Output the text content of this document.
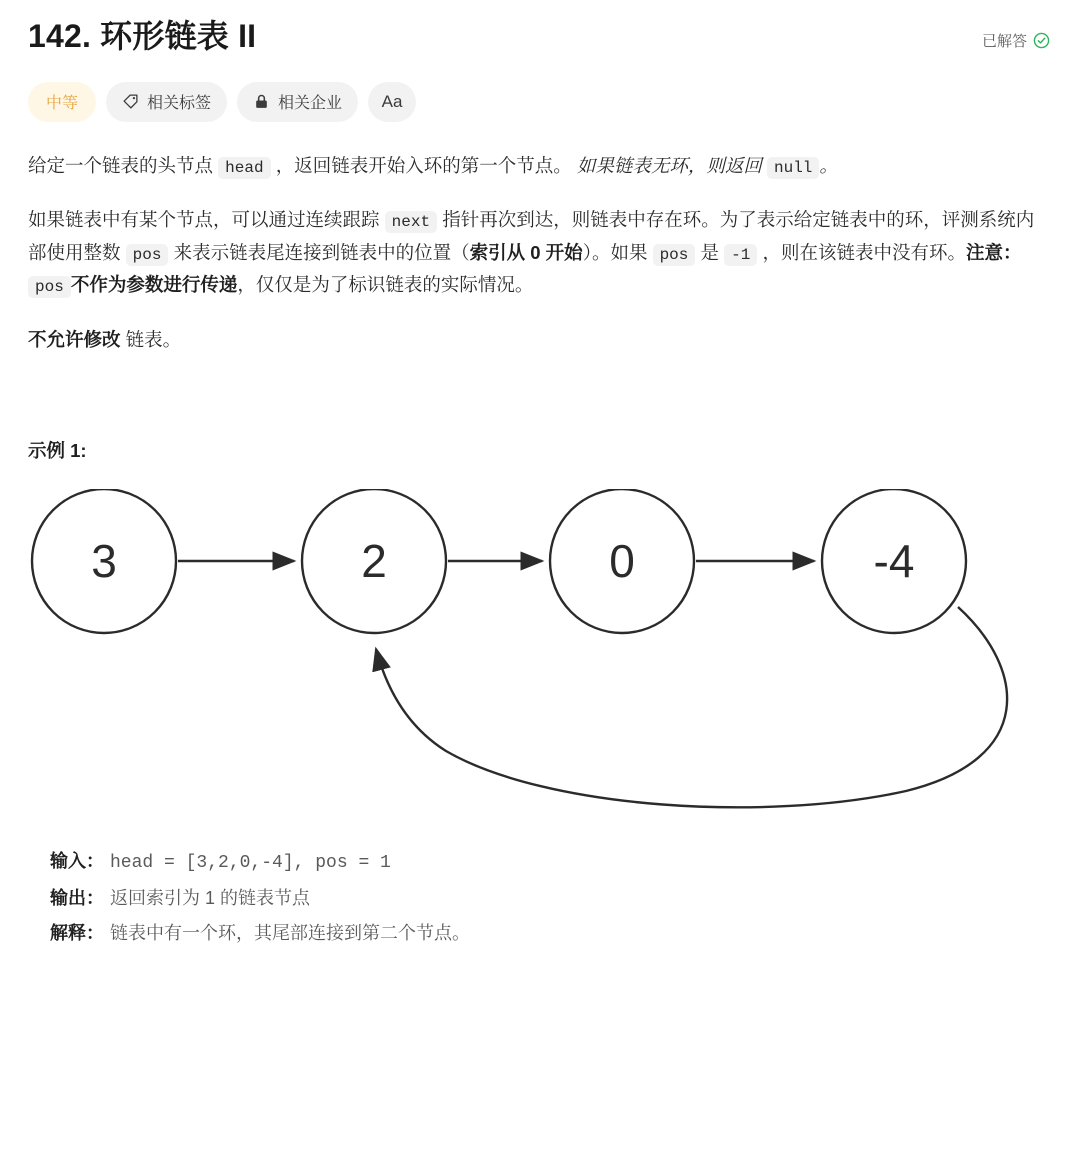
142. 环形链表 II	已解答
中等	相关标签	相关企业 Aa

给定一个链表的头节点 head ，返回链表开始入环的第一个节点。 如果链表无环，则返回 null 。

如果链表中有某个节点，可以通过连续跟踪 next 指针再次到达，则链表中存在环。为了表示给定链表中的环，评测系统内部使用整数 pos 来表示链表尾连接到链表中的位置（索引从 0 开始）。如果 pos 是 -1 ，则在该链表中没有环。注意：pos 不作为参数进行传递，仅仅是为了标识链表的实际情况。

不允许修改 链表。

示例 1:

3	2	0	-4
输入： head = [3,2,0,-4], pos = 1
输出： 返回索引为 1 的链表节点
解释： 链表中有一个环，其尾部连接到第二个节点。
